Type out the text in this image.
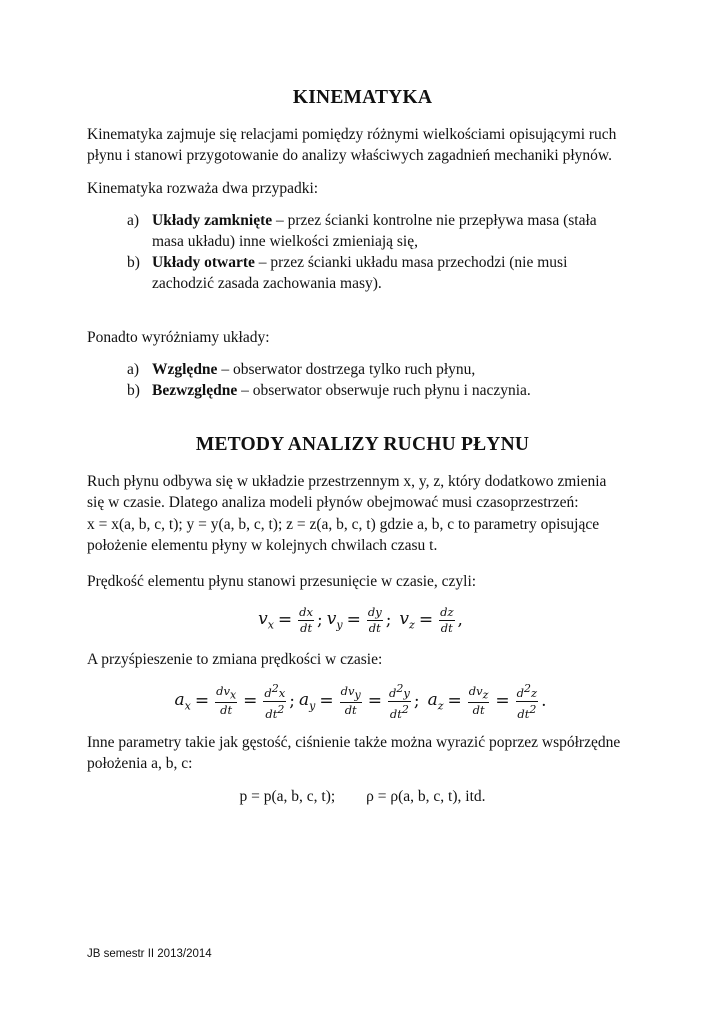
KINEMATYKA

Kinematyka zajmuje się relacjami pomiędzy różnymi wielkościami opisującymi ruch płynu i stanowi przygotowanie do analizy właściwych zagadnień mechaniki płynów.

Kinematyka rozważa dwa przypadki:

a) Układy zamknięte – przez ścianki kontrolne nie przepływa masa (stała masa układu) inne wielkości zmieniają się,
b) Układy otwarte – przez ścianki układu masa przechodzi (nie musi zachodzić zasada zachowania masy).

Ponadto wyróżniamy układy:

a) Względne – obserwator dostrzega tylko ruch płynu,
b) Bezwzględne – obserwator obserwuje ruch płynu i naczynia.
METODY ANALIZY RUCHU PŁYNU

Ruch płynu odbywa się w układzie przestrzennym x, y, z, który dodatkowo zmienia

się w czasie. Dlatego analiza modeli płynów obejmować musi czasoprzestrzeń:

x = x(a, b, c, t); y = y(a, b, c, t); z = z(a, b, c, t) gdzie a, b, c to parametry opisujące

położenie elementu płyny w kolejnych chwilach czasu t.

Prędkość elementu płynu stanowi przesunięcie w czasie, czyli:

$v_x = \frac{dx}{dt}$ ; $v_y = \frac{dy}{dt}$ ; $v_z = \frac{dz}{dt}$ ,

A przyśpieszenie to zmiana prędkości w czasie:

$a_x = \frac{dv_x}{dt} = \frac{d^2x}{dt^2}$ ; $a_y = \frac{dv_y}{dt} = \frac{d^2y}{dt^2}$ ; $a_z = \frac{dv_z}{dt} = \frac{d^2z}{dt^2}$ .

Inne parametry takie jak gęstość, ciśnienie także można wyrazić poprzez współrzędne

położenia a, b, c:

p = p(a, b, c, t);        ρ = ρ(a, b, c, t), itd.
JB semestr II 2013/2014
